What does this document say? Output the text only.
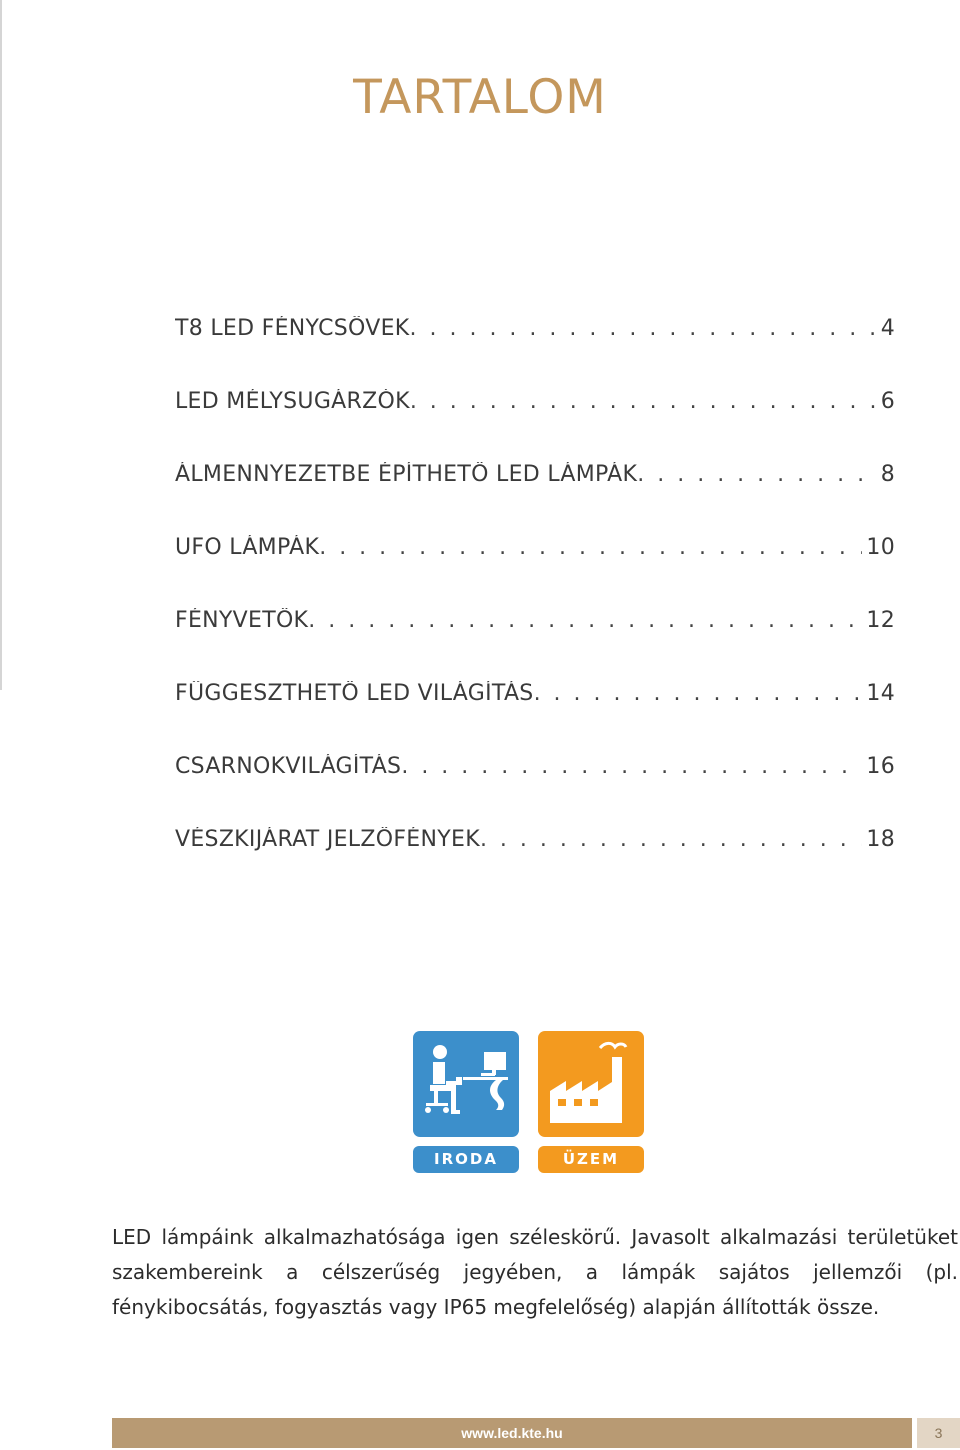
TARTALOM
T8 LED FÉNYCSÖVEK . . .	4
LED MÉLYSUGÁRZÓK . . .	6
ÁLMENNYEZETBE ÉPÍTHETŐ LED LÁMPÁK . . .	8
UFO LÁMPÁK . . .	10
FÉNYVETŐK . . .	12
FÜGGESZTHETŐ LED VILÁGÍTÁS . . .	14
CSARNOKVILÁGÍTÁS . . .	16
VÉSZKIJÁRAT JELZŐFÉNYEK . . .	18
IRODA	ÜZEM

LED lámpáink alkalmazhatósága igen széleskörű. Javasolt alkalmazási területüket szakembereink a célszerűség jegyében, a lámpák sajátos jellemzői (pl. fénykibocsátás, fogyasztás vagy IP65 megfelelőség) alapján állították össze.

www.led.kte.hu	3
